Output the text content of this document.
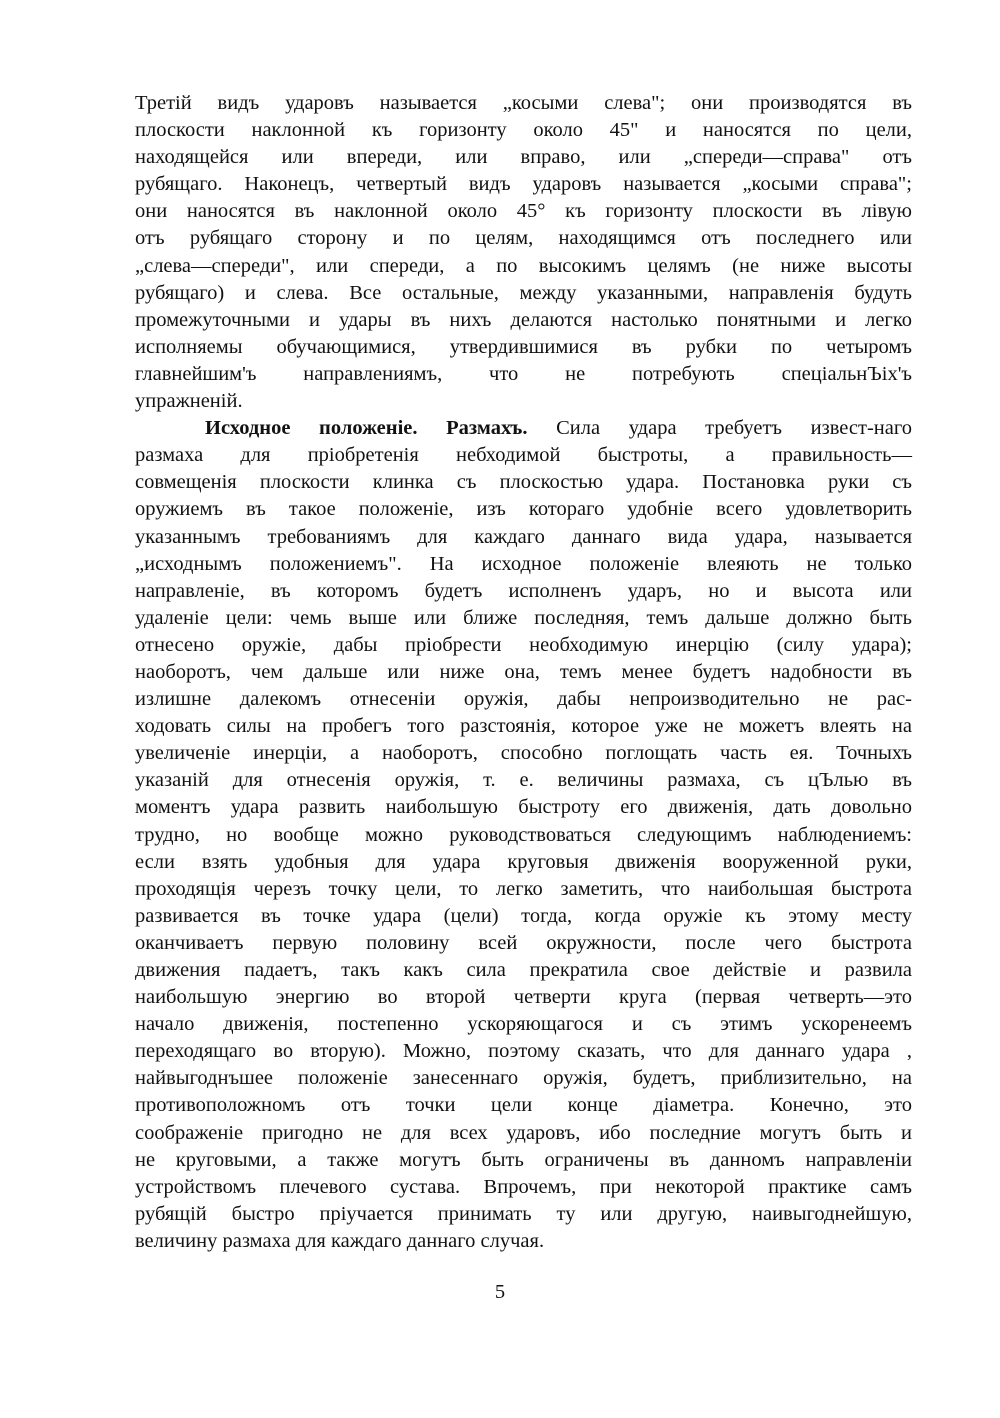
Третій видъ ударовъ называется „косыми слева"; они производятся въ
плоскости наклонной къ горизонту около 45" и наносятся по цели,
находящейся или впереди, или вправо, или „спереди—справа" отъ
рубящаго. Наконецъ, четвертый видъ ударовъ называется „косыми справа";
они наносятся въ наклонной около 45° къ горизонту плоскости въ лівую
отъ рубящаго сторону и по целям, находящимся отъ последнего или
„слева—спереди", или спереди, а по высокимъ целямъ (не ниже высоты
рубящаго) и слева. Все остальные, между указанными, направленія будуть
промежуточными и удары въ нихъ делаются настолько понятными и легко
исполняемы обучающимися, утвердившимися въ рубки по четыромъ
главнейшим'ъ направлениямъ, что не потребують спеціальнЪіх'ъ
упражненій.
Исходное положеніе. Размахъ. Сила удара требуетъ извест-наго
размаха для пріобретенія небходимой быстроты, а правильность—
совмещенія плоскости клинка съ плоскостью удара. Постановка руки съ
оружиемъ въ такое положеніе, изъ котораго удобніе всего удовлетворить
указаннымъ требованиямъ для каждаго даннаго вида удара, называется
„исходнымъ положениемъ". На исходное положеніе влеяють не только
направленіе, въ которомъ будетъ исполненъ ударъ, но и высота или
удаленіе цели: чемь выше или ближе последняя, темъ дальше должно быть
отнесено оружіе, дабы пріобрести необходимую инерцію (силу удара);
наоборотъ, чем дальше или ниже она, темъ менее будетъ надобности въ
излишне далекомъ отнесеніи оружія, дабы непроизводительно не рас-
ходовать силы на пробегъ того разстоянія, которое уже не можетъ влеять на
увеличеніе инерціи, а наоборотъ, способно поглощать часть ея. Точныхъ
указаній для отнесенія оружія, т. е. величины размаха, съ цЪлью въ
моментъ удара развить наибольшую быстроту его движенія, дать довольно
трудно, но вообще можно руководствоваться следующимъ наблюдениемъ:
если взять удобныя для удара круговыя движенія вооруженной руки,
проходящія черезъ точку цели, то легко заметить, что наибольшая быстрота
развивается въ точке удара (цели) тогда, когда оружіе къ этому месту
оканчиваетъ первую половину всей окружности, после чего быстрота
движения падаетъ, такъ какъ сила прекратила свое действіе и развила
наибольшую энергию во второй четверти круга (первая четверть—это
начало движенія, постепенно ускоряющагося и съ этимъ ускоренеемъ
переходящаго во вторую). Можно, поэтому сказать, что для даннаго удара ,
найвыгоднъшее положеніе занесеннаго оружія, будетъ, приблизительно, на
противоположномъ отъ точки цели конце діаметра. Конечно, это
соображеніе пригодно не для всех ударовъ, ибо последние могутъ быть и
не круговыми, а также могутъ быть ограничены въ данномъ направленіи
устройствомъ плечевого сустава. Впрочемъ, при некоторой практике самъ
рубящій быстро пріучается принимать ту или другую, наивыгоднейшую,
величину размаха для каждаго даннаго случая.
5
